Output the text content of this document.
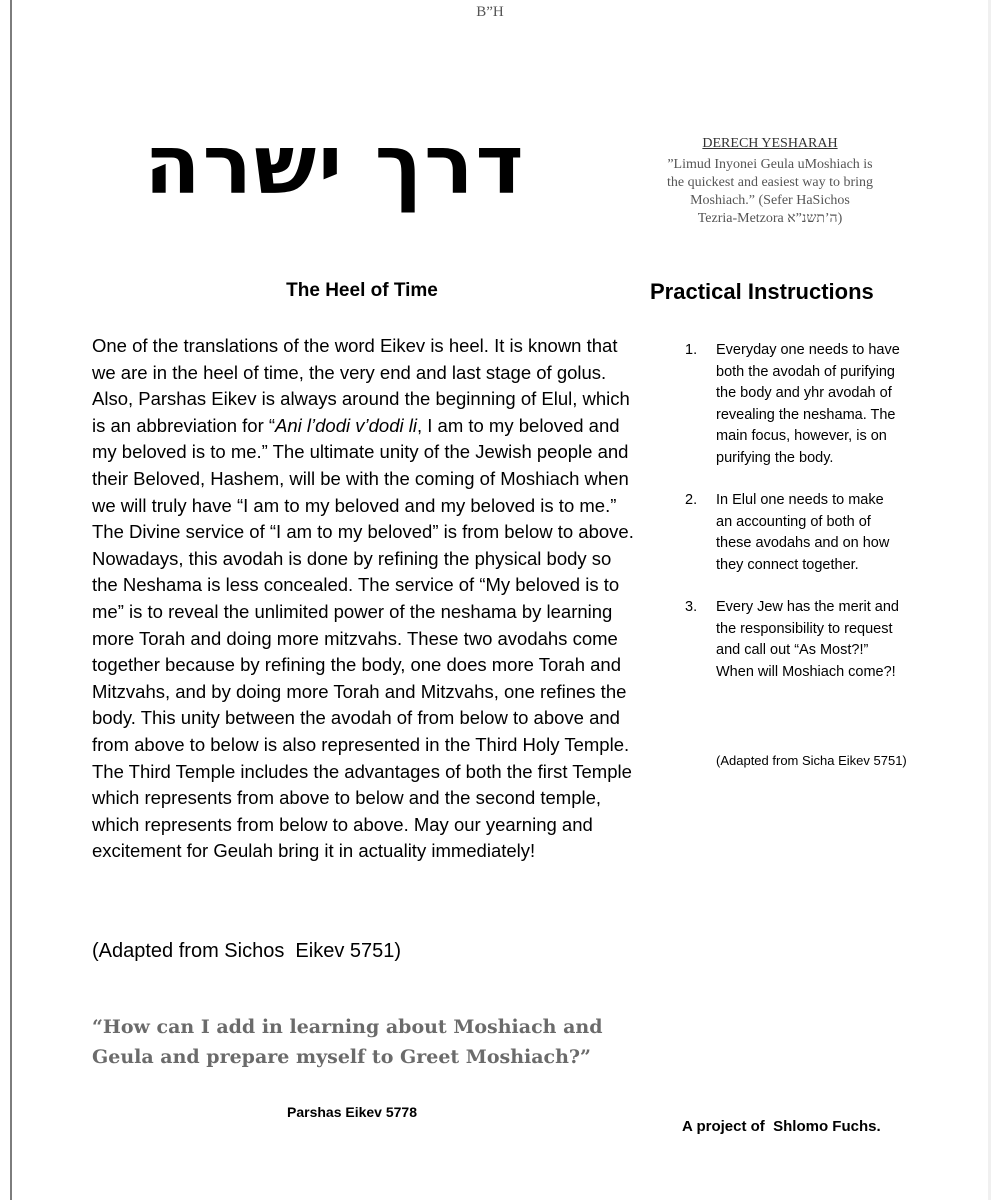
B”H
דרך ישרה	DERECH YESHARAH
”Limud Inyonei Geula uMoshiach is
the quickest and easiest way to bring
Moshiach.” (Sefer HaSichos
Tezria-Metzora ה’תשנ”א)
The Heel of Time	Practical Instructions

One of the translations of the word Eikev is heel. It is known that we are in the heel of time, the very end and last stage of golus. Also, Parshas Eikev is always around the beginning of Elul, which is an abbreviation for “Ani l’dodi v’dodi li, I am to my beloved and my beloved is to me.” The ultimate unity of the Jewish people and their Beloved, Hashem, will be with the coming of Moshiach when we will truly have “I am to my beloved and my beloved is to me.” The Divine service of “I am to my beloved” is from below to above. Nowadays, this avodah is done by refining the physical body so the Neshama is less concealed. The service of “My beloved is to me” is to reveal the unlimited power of the neshama by learning more Torah and doing more mitzvahs. These two avodahs come together because by refining the body, one does more Torah and Mitzvahs, and by doing more Torah and Mitzvahs, one refines the body. This unity between the avodah of from below to above and from above to below is also represented in the Third Holy Temple. The Third Temple includes the advantages of both the first Temple which represents from above to below and the second temple, which represents from below to above. May our yearning and excitement for Geulah bring it in actuality immediately!

(Adapted from Sichos  Eikev 5751)
“How can I add in learning about Moshiach and Geula and prepare myself to Greet Moshiach?”
Parshas Eikev 5778
1.	Everyday one needs to have both the avodah of purifying the body and yhr avodah of revealing the neshama. The main focus, however, is on purifying the body.
2.	In Elul one needs to make an accounting of both of these avodahs and on how they connect together.
3.	Every Jew has the merit and the responsibility to request and call out “As Most?!” When will Moshiach come?!
(Adapted from Sicha Eikev 5751)
A project of  Shlomo Fuchs.
